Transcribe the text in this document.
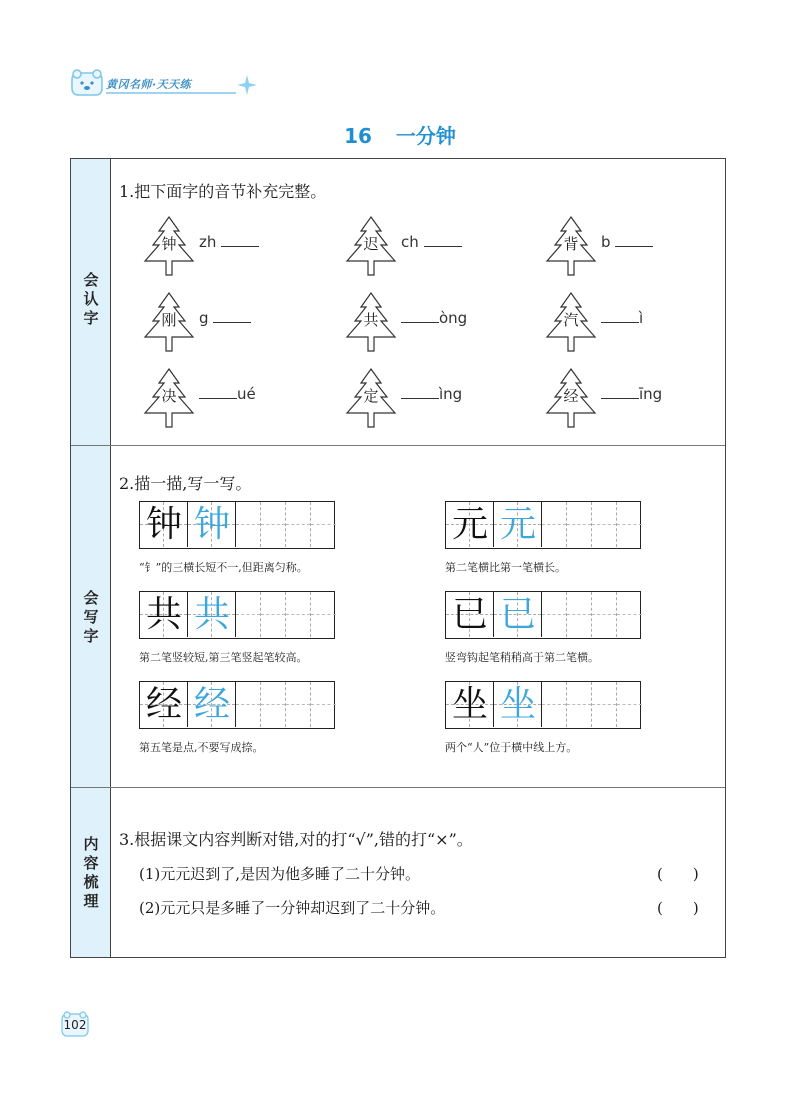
黄冈名师·天天练
16 一分钟
会
认
字
会
写
字
内
容
梳
理
1.把下面字的音节补充完整。
钟	zh	迟	ch	背	b
刚	g	共	òng	汽	ì
决	ué	定	ìng	经	īng
2.描一描,写一写。
钟 钟
“钅”的三横长短不一,但距离匀称。
元 元
第二笔横比第一笔横长。
共 共
第二笔竖较短,第三笔竖起笔较高。
已 已
竖弯钩起笔稍稍高于第二笔横。
经 经
第五笔是点,不要写成捺。
坐 坐
两个“人”位于横中线上方。
3.根据课文内容判断对错,对的打“√”,错的打“×”。
(1)元元迟到了,是因为他多睡了二十分钟。	(　　)
(2)元元只是多睡了一分钟却迟到了二十分钟。	(　　)
102
